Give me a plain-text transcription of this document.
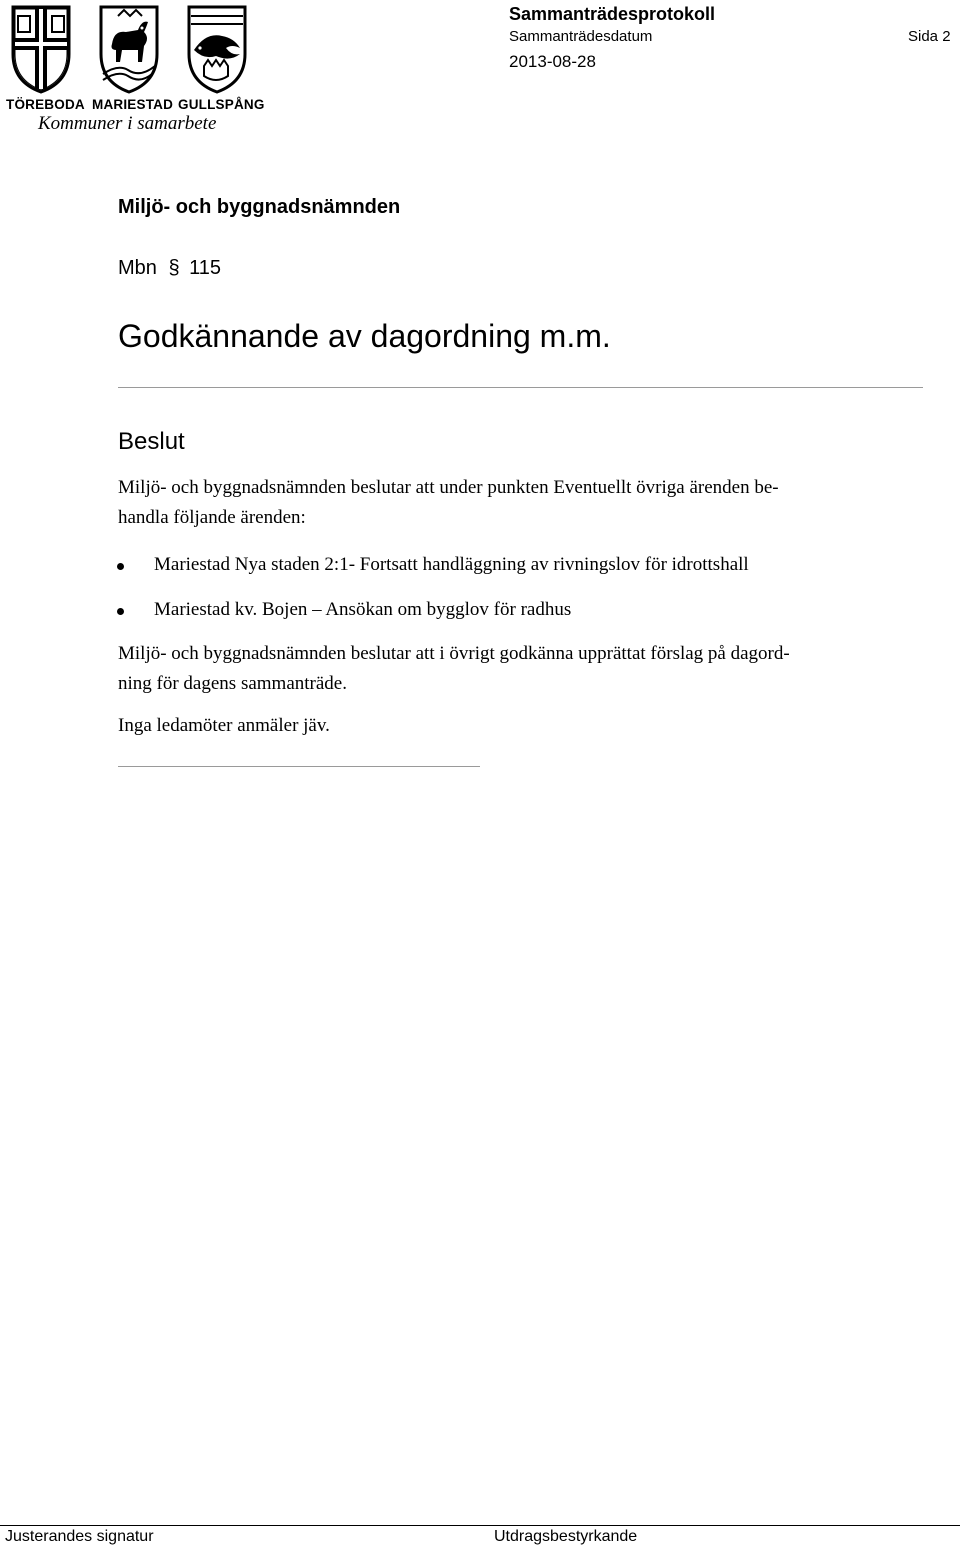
TÖREBODA MARIESTAD GULLSPÅNG
Kommuner i samarbete
Sammanträdesprotokoll
Sammanträdesdatum	Sida 2
2013-08-28
Miljö- och byggnadsnämnden
Mbn § 115
Godkännande av dagordning m.m.
Beslut
Miljö- och byggnadsnämnden beslutar att under punkten Eventuellt övriga ärenden be-
handla följande ärenden:
Mariestad Nya staden 2:1- Fortsatt handläggning av rivningslov för idrottshall
Mariestad kv. Bojen – Ansökan om bygglov för radhus
Miljö- och byggnadsnämnden beslutar att i övrigt godkänna upprättat förslag på dagord-
ning för dagens sammanträde.
Inga ledamöter anmäler jäv.
Justerandes signatur	Utdragsbestyrkande
